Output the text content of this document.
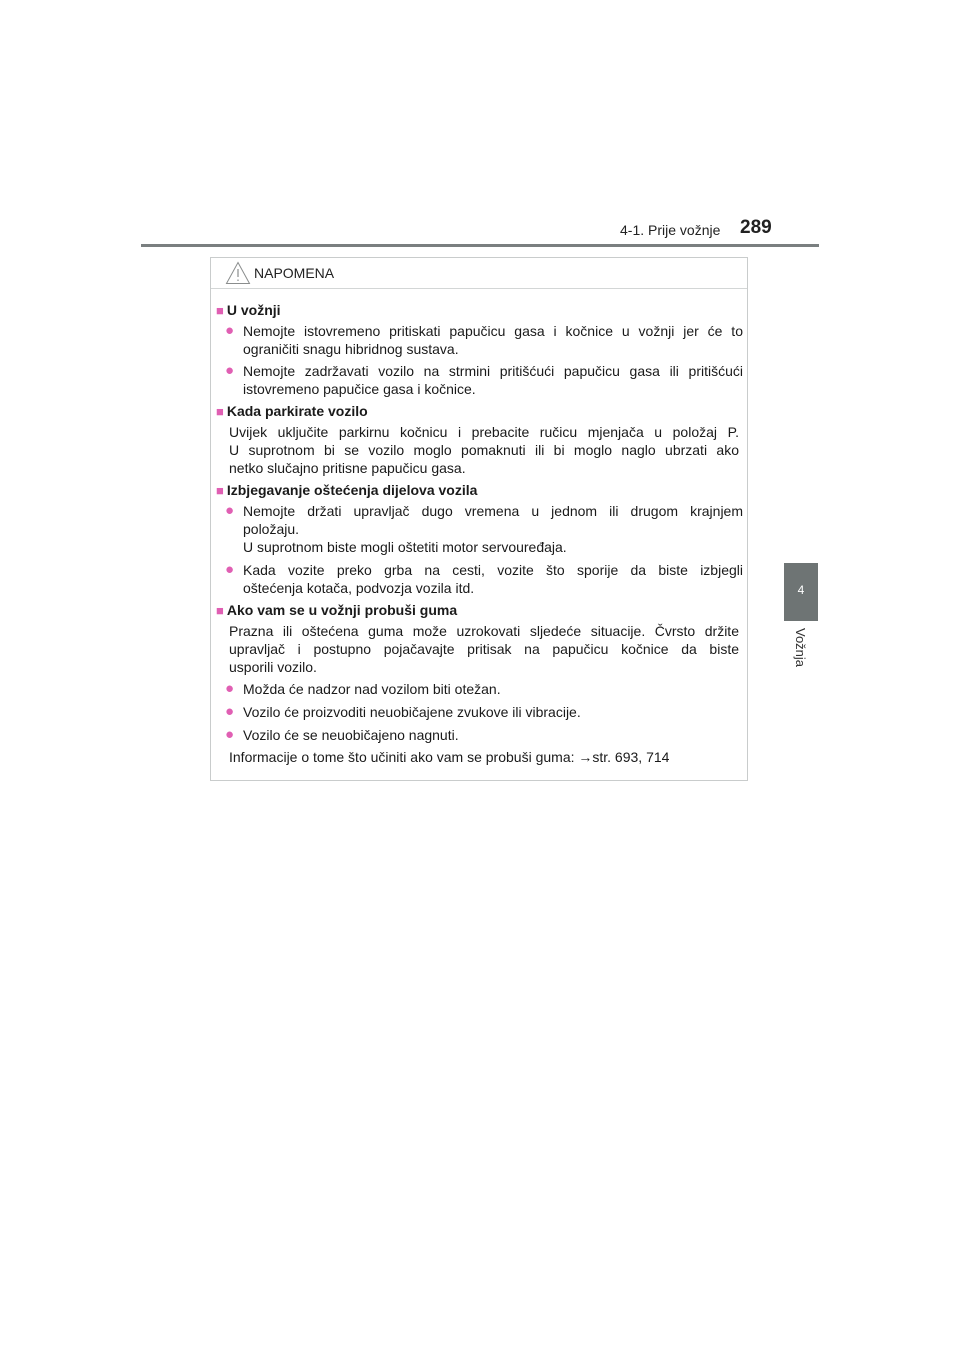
4-1. Prije vožnje 289
4
Vožnja
NAPOMENA
■ U vožnji
● Nemojte istovremeno pritiskati papučicu gasa i kočnice u vožnji jer će to
ograničiti snagu hibridnog sustava.
● Nemojte zadržavati vozilo na strmini pritišćući papučicu gasa ili pritišćući
istovremeno papučice gasa i kočnice.
■ Kada parkirate vozilo
Uvijek uključite parkirnu kočnicu i prebacite ručicu mjenjača u položaj P.
U suprotnom bi se vozilo moglo pomaknuti ili bi moglo naglo ubrzati ako
netko slučajno pritisne papučicu gasa.
■ Izbjegavanje oštećenja dijelova vozila
● Nemojte držati upravljač dugo vremena u jednom ili drugom krajnjem
položaju.
U suprotnom biste mogli oštetiti motor servouređaja.
● Kada vozite preko grba na cesti, vozite što sporije da biste izbjegli
oštećenja kotača, podvozja vozila itd.
■ Ako vam se u vožnji probuši guma
Prazna ili oštećena guma može uzrokovati sljedeće situacije. Čvrsto držite
upravljač i postupno pojačavajte pritisak na papučicu kočnice da biste
usporili vozilo.
● Možda će nadzor nad vozilom biti otežan.
● Vozilo će proizvoditi neuobičajene zvukove ili vibracije.
● Vozilo će se neuobičajeno nagnuti.
Informacije o tome što učiniti ako vam se probuši guma: →str. 693, 714
